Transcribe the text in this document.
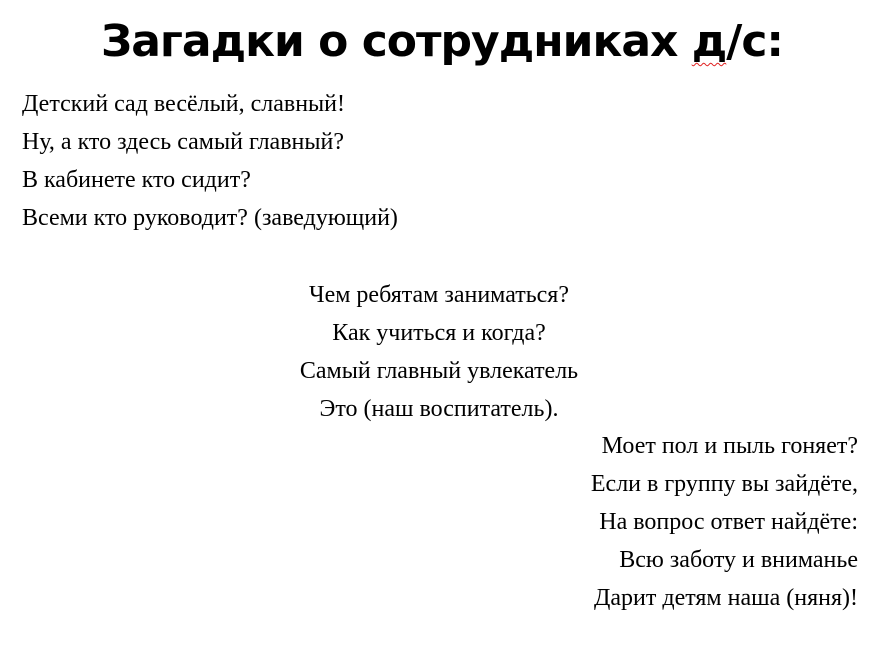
Загадки о сотрудниках д/с:
Детский сад весёлый, славный!
Ну, а кто здесь самый главный?
В кабинете кто сидит?
Всеми кто руководит? (заведующий)
Чем ребятам заниматься?
Как учиться и когда?
Самый главный увлекатель
Это (наш воспитатель).
Моет пол и пыль гоняет?
Если в группу вы зайдёте,
На вопрос ответ найдёте:
Всю заботу и вниманье
Дарит детям наша (няня)!
